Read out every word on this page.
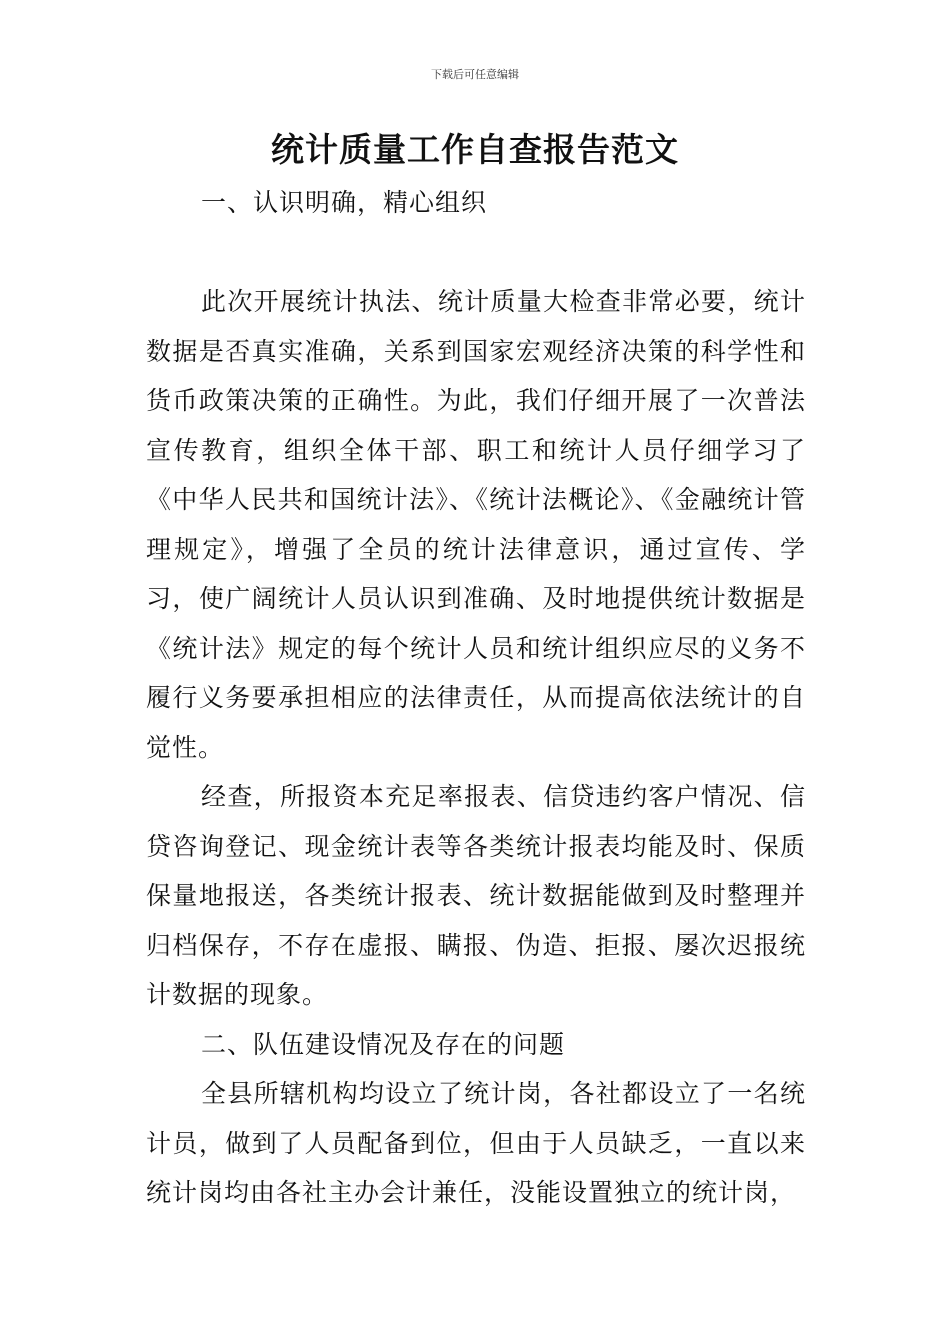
下载后可任意编辑
统计质量工作自查报告范文

一、认识明确，精心组织

此次开展统计执法、统计质量大检查非常必要，统计数据是否真实准确，关系到国家宏观经济决策的科学性和货币政策决策的正确性。为此，我们仔细开展了一次普法宣传教育，组织全体干部、职工和统计人员仔细学习了《中华人民共和国统计法》、《统计法概论》、《金融统计管理规定》，增强了全员的统计法律意识，通过宣传、学习，使广阔统计人员认识到准确、及时地提供统计数据是《统计法》规定的每个统计人员和统计组织应尽的义务不履行义务要承担相应的法律责任，从而提高依法统计的自觉性。

经查，所报资本充足率报表、信贷违约客户情况、信贷咨询登记、现金统计表等各类统计报表均能及时、保质保量地报送，各类统计报表、统计数据能做到及时整理并归档保存，不存在虚报、瞒报、伪造、拒报、屡次迟报统计数据的现象。

二、队伍建设情况及存在的问题

全县所辖机构均设立了统计岗，各社都设立了一名统计员，做到了人员配备到位，但由于人员缺乏，一直以来统计岗均由各社主办会计兼任，没能设置独立的统计岗，
